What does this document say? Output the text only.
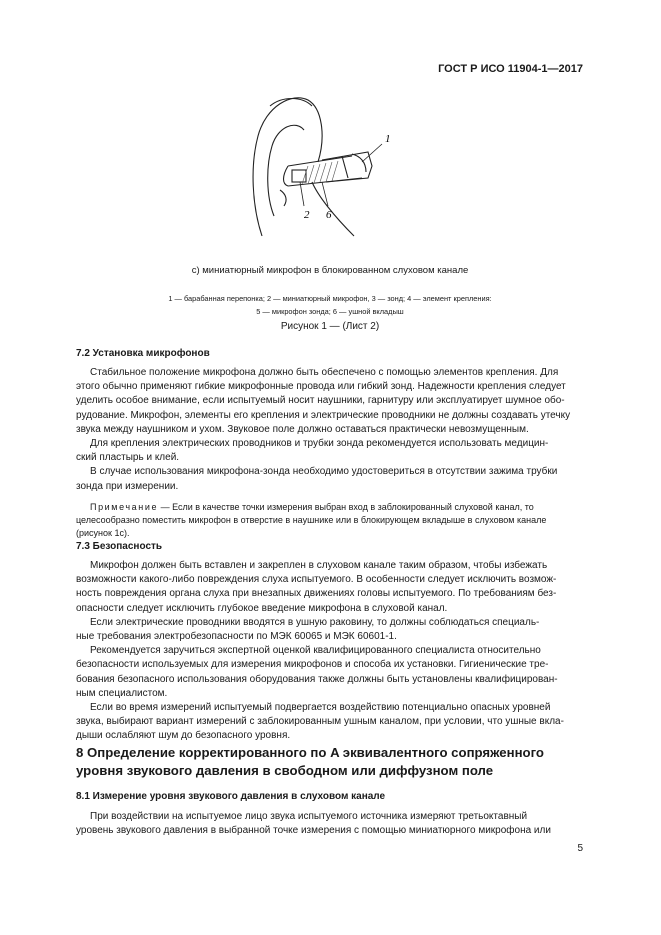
ГОСТ Р ИСО 11904-1—2017
1
2 6
c) миниатюрный микрофон в блокированном слуховом канале
1 — барабанная перепонка; 2 — миниатюрный микрофон, 3 — зонд; 4 — элемент крепления:
5 — микрофон зонда; 6 — ушной вкладыш
Рисунок 1 — (Лист 2)
7.2 Установка микрофонов

Стабильное положение микрофона должно быть обеспечено с помощью элементов крепления. Для

этого обычно применяют гибкие микрофонные провода или гибкий зонд. Надежности крепления следует

уделить особое внимание, если испытуемый носит наушники, гарнитуру или эксплуатирует шумное обо-

рудование. Микрофон, элементы его крепления и электрические проводники не должны создавать утечку

звука между наушником и ухом. Звуковое поле должно оставаться практически невозмущенным.

Для крепления электрических проводников и трубки зонда рекомендуется использовать медицин-

ский пластырь и клей.

В случае использования микрофона-зонда необходимо удостовериться в отсутствии зажима трубки

зонда при измерении.

Примечание — Если в качестве точки измерения выбран вход в заблокированный слуховой канал, то
целесообразно поместить микрофон в отверстие в наушнике или в блокирующем вкладыше в слуховом канале
(рисунок 1c).
7.3 Безопасность

Микрофон должен быть вставлен и закреплен в слуховом канале таким образом, чтобы избежать

возможности какого-либо повреждения слуха испытуемого. В особенности следует исключить возмож-

ность повреждения органа слуха при внезапных движениях головы испытуемого. По требованиям без-

опасности следует исключить глубокое введение микрофона в слуховой канал.

Если электрические проводники вводятся в ушную раковину, то должны соблюдаться специаль-

ные требования электробезопасности по МЭК 60065 и МЭК 60601-1.

Рекомендуется заручиться экспертной оценкой квалифицированного специалиста относительно

безопасности используемых для измерения микрофонов и способа их установки. Гигиенические тре-

бования безопасного использования оборудования также должны быть установлены квалифицирован-

ным специалистом.

Если во время измерений испытуемый подвергается воздействию потенциально опасных уровней

звука, выбирают вариант измерений с заблокированным ушным каналом, при условии, что ушные вкла-

дыши ослабляют шум до безопасного уровня.

8 Определение корректированного по A эквивалентного сопряженного
уровня звукового давления в свободном или диффузном поле
8.1 Измерение уровня звукового давления в слуховом канале

При воздействии на испытуемое лицо звука испытуемого источника измеряют третьоктавный

уровень звукового давления в выбранной точке измерения с помощью миниатюрного микрофона или

5
